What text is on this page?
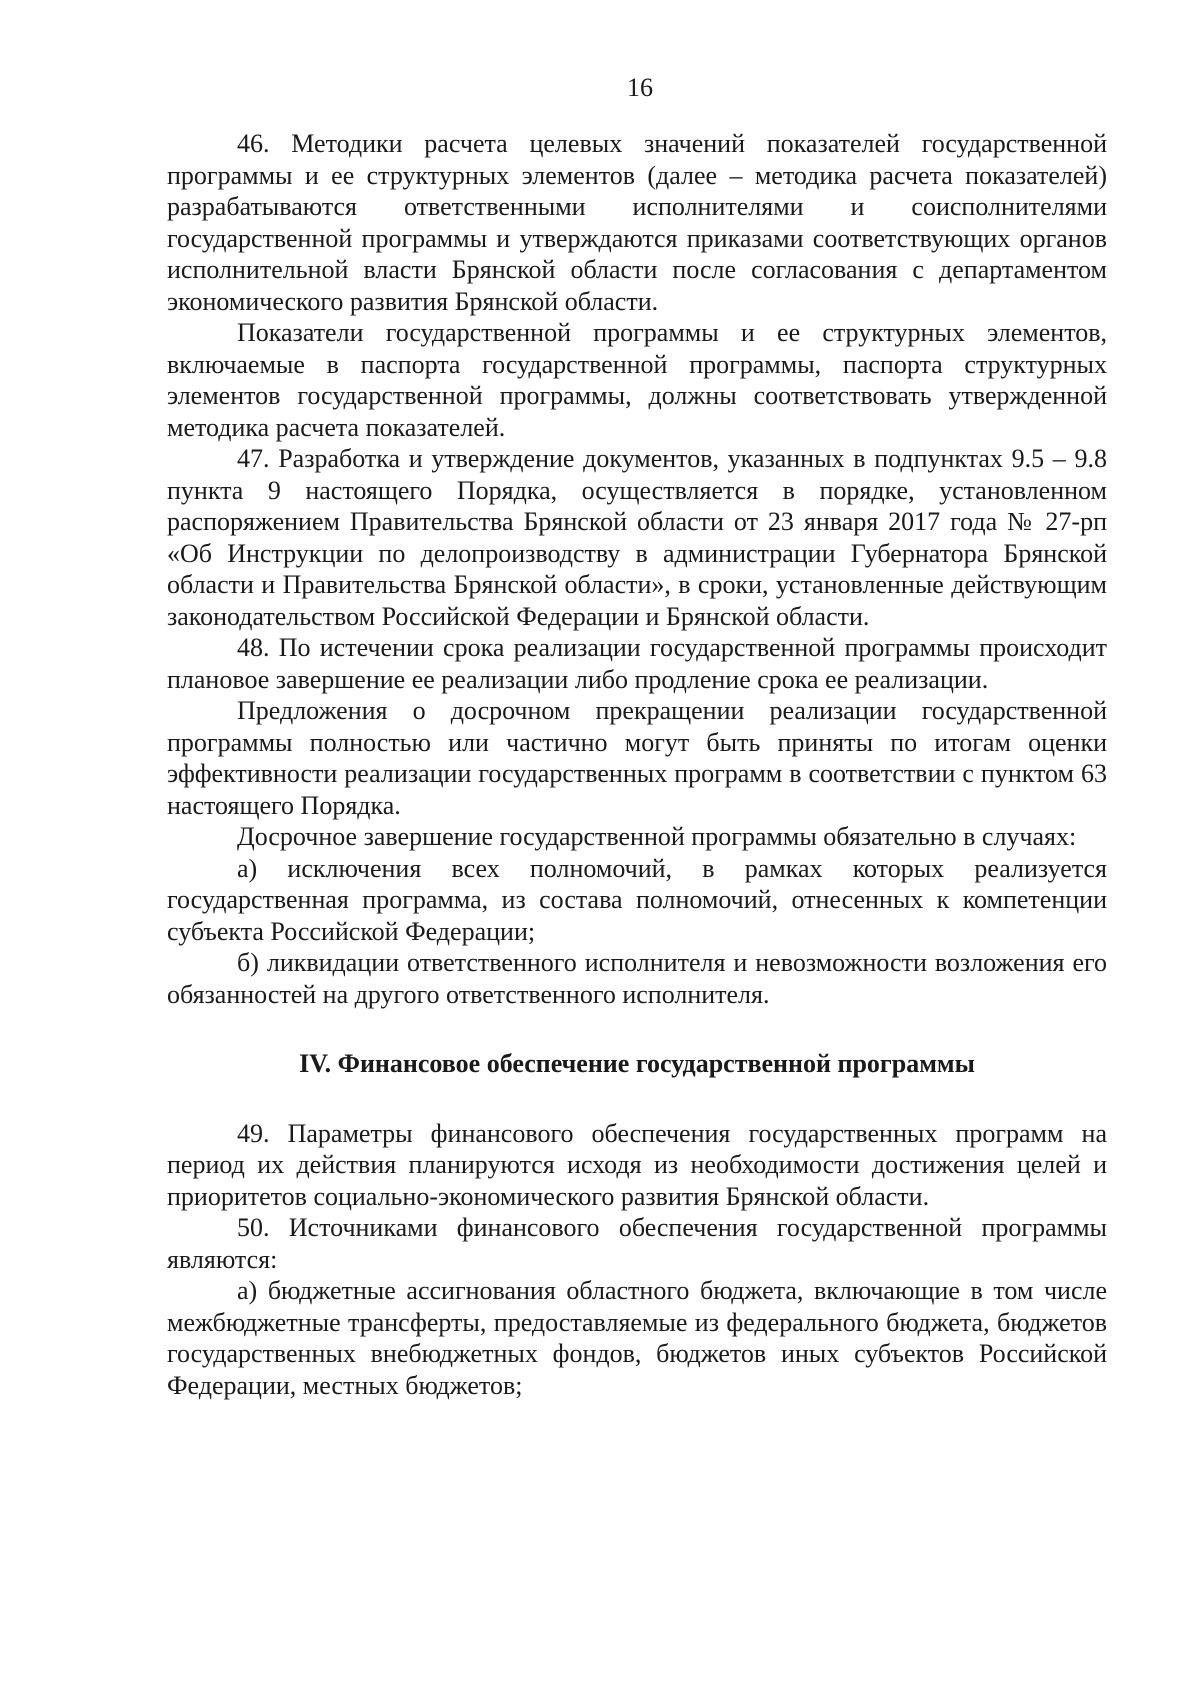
16

46. Методики расчета целевых значений показателей государственной программы и ее структурных элементов (далее – методика расчета показателей) разрабатываются ответственными исполнителями и соисполнителями государственной программы и утверждаются приказами соответствующих органов исполнительной власти Брянской области после согласования с департаментом экономического развития Брянской области.

Показатели государственной программы и ее структурных элементов, включаемые в паспорта государственной программы, паспорта структурных элементов государственной программы, должны соответствовать утвержденной методика расчета показателей.

47. Разработка и утверждение документов, указанных в подпунктах 9.5 – 9.8 пункта 9 настоящего Порядка, осуществляется в порядке, установленном распоряжением Правительства Брянской области от 23 января 2017 года № 27-рп «Об Инструкции по делопроизводству в администрации Губернатора Брянской области и Правительства Брянской области», в сроки, установленные действующим законодательством Российской Федерации и Брянской области.

48. По истечении срока реализации государственной программы происходит плановое завершение ее реализации либо продление срока ее реализации.

Предложения о досрочном прекращении реализации государственной программы полностью или частично могут быть приняты по итогам оценки эффективности реализации государственных программ в соответствии с пунктом 63 настоящего Порядка.

Досрочное завершение государственной программы обязательно в случаях:

а) исключения всех полномочий, в рамках которых реализуется государственная программа, из состава полномочий, отнесенных к компетенции субъекта Российской Федерации;

б) ликвидации ответственного исполнителя и невозможности возложения его обязанностей на другого ответственного исполнителя.

IV. Финансовое обеспечение государственной программы

49. Параметры финансового обеспечения государственных программ на период их действия планируются исходя из необходимости достижения целей и приоритетов социально-экономического развития Брянской области.

50. Источниками финансового обеспечения государственной программы являются:

а) бюджетные ассигнования областного бюджета, включающие в том числе межбюджетные трансферты, предоставляемые из федерального бюджета, бюджетов государственных внебюджетных фондов, бюджетов иных субъектов Российской Федерации, местных бюджетов;
